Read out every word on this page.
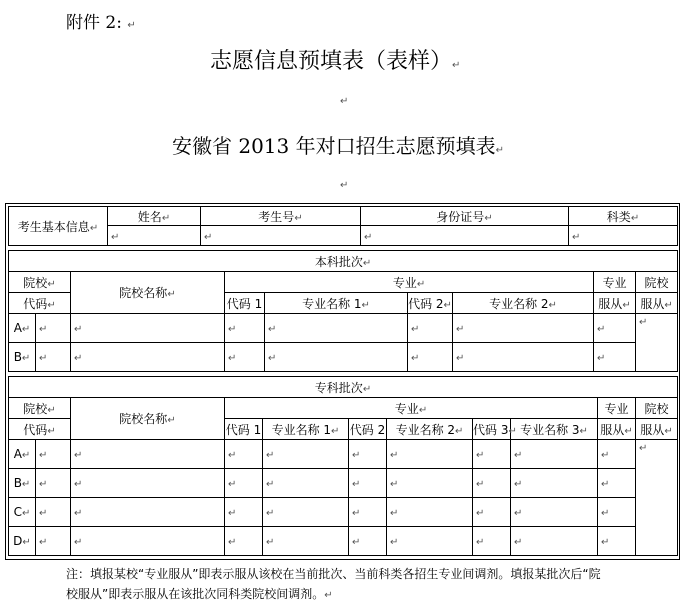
附件 2: ↵
志愿信息预填表（表样）↵
↵
安徽省 2013 年对口招生志愿预填表↵
↵
考生基本信息↵	姓名↵	考生号↵	身份证号↵	科类↵
	↵	↵	↵	↵
本科批次↵								
院校↵		院校名称↵	专业↵				专业	院校
代码↵			代码 1	专业名称 1↵	代码 2↵	专业名称 2↵	服从↵	服从↵
A↵	↵	↵	↵	↵	↵	↵	↵	↵
B↵	↵	↵	↵	↵	↵	↵	↵	
专科批次↵										
院校↵		院校名称↵	专业↵						专业	院校
代码↵			代码 1	专业名称 1↵	代码 2	专业名称 2↵	代码 3↵	专业名称 3↵	服从↵	服从↵
A↵	↵	↵	↵	↵	↵	↵	↵	↵	↵	↵
B↵	↵	↵	↵	↵	↵	↵	↵	↵	↵	
C↵	↵	↵	↵	↵	↵	↵	↵	↵	↵	
D↵	↵	↵	↵	↵	↵	↵	↵	↵	↵	
注：填报某校“专业服从”即表示服从该校在当前批次、当前科类各招生专业间调剂。填报某批次后“院
校服从”即表示服从在该批次同科类院校间调剂。↵
